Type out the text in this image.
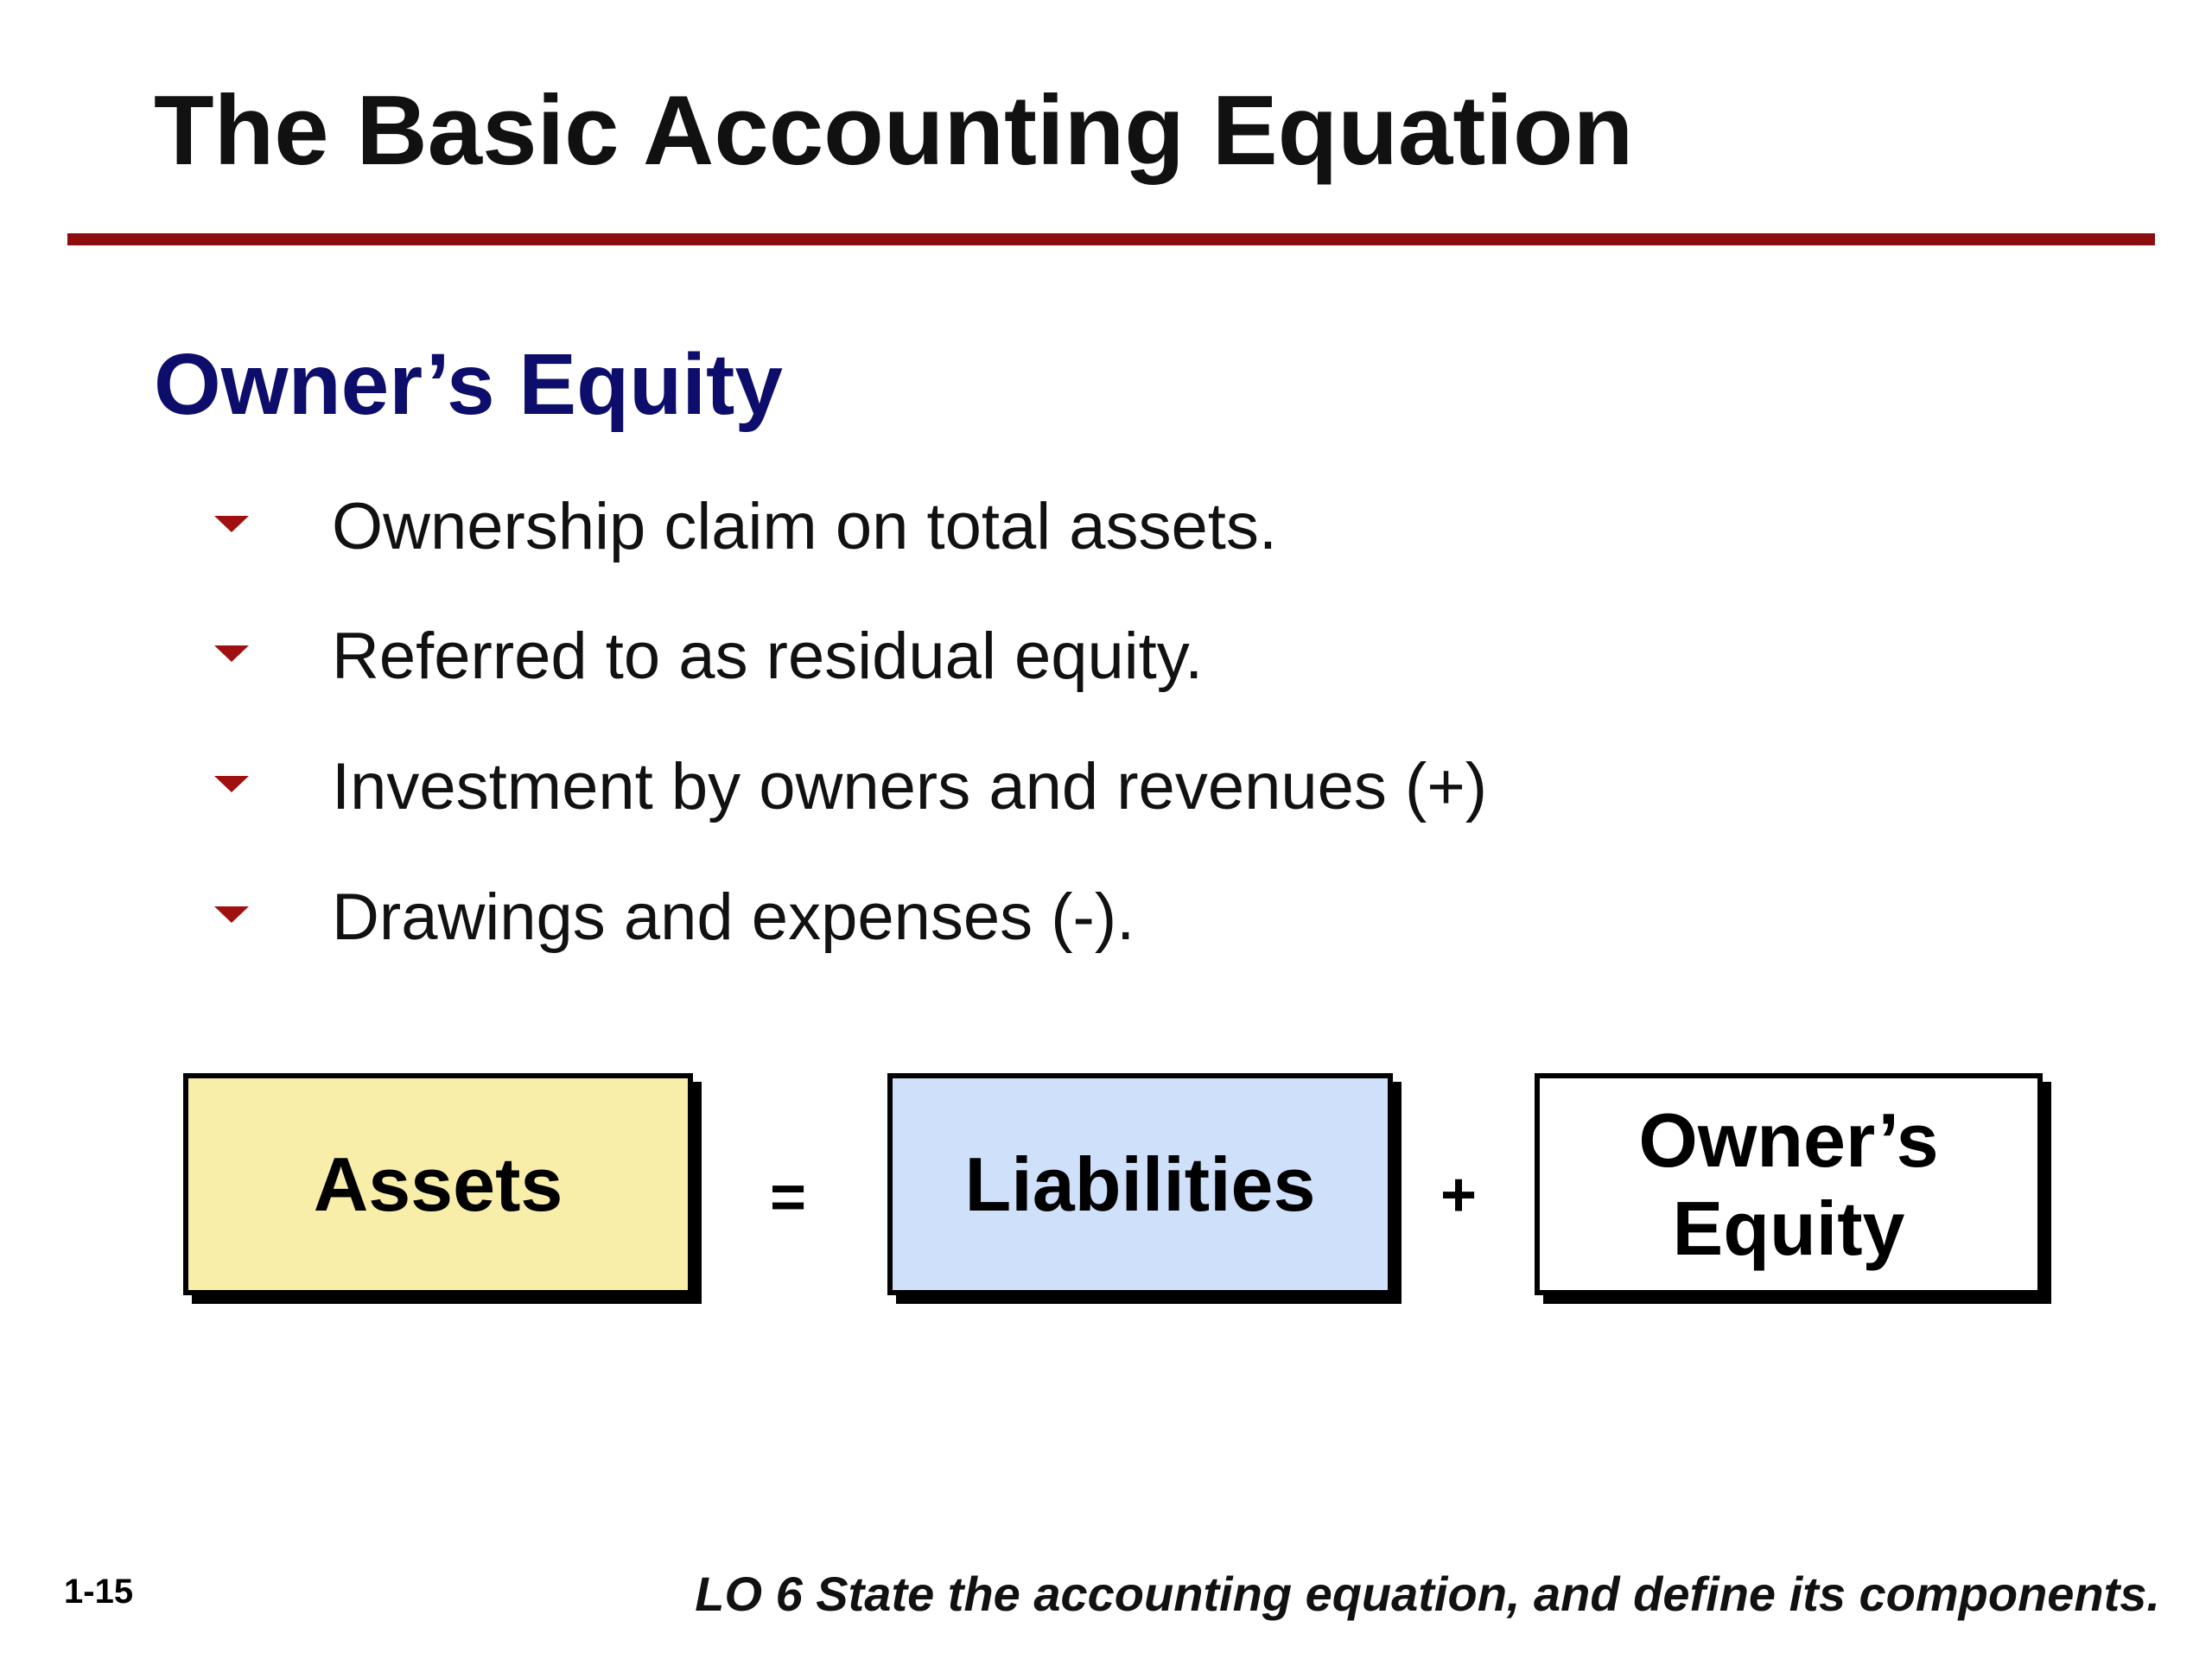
The Basic Accounting Equation
Owner’s Equity
Ownership claim on total assets.
Referred to as residual equity.
Investment by owners and revenues (+)
Drawings and expenses (-).
Assets	= Liabilities +
Owner’s Equity
1-15	LO 6 State the accounting equation, and define its components.
